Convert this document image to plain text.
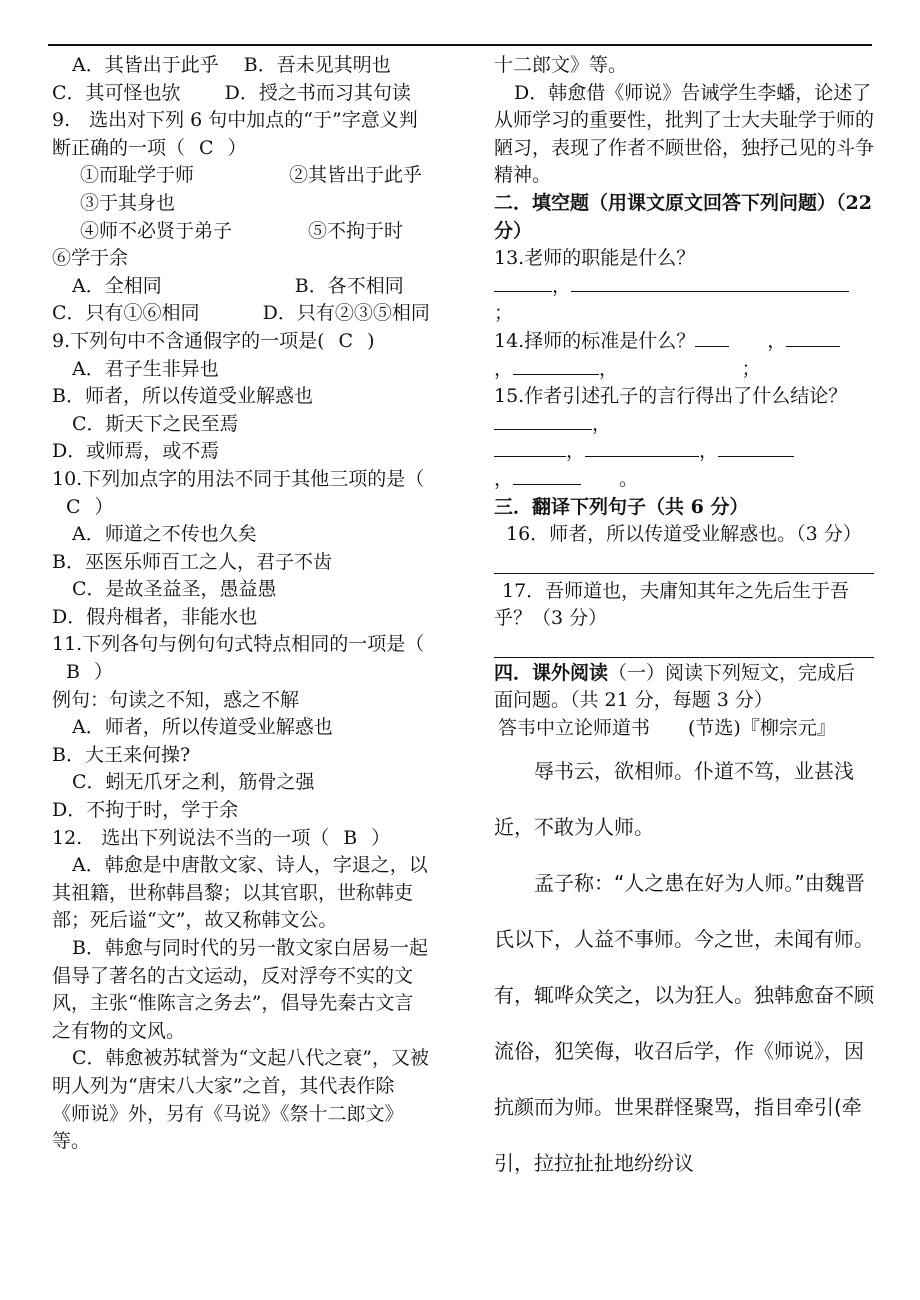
A．其皆出于此乎　 B．吾未见其明也
C．其可怪也欤　　 D．授之书而习其句读
9.　选出对下列 6 句中加点的“于”字意义判断正确的一项（ C ）
①而耻学于师　　　　　	②其皆出于此乎
③于其身也
④师不必贤于弟子　　　　	⑤不拘于时
⑥学于余
A．全相同　　　　　　　	B．各不相同
C．只有①⑥相同　　　	D．只有②③⑤相同
9.下列句中不含通假字的一项是( C )
A．君子生非异也
B．师者，所以传道受业解惑也
C．斯天下之民至焉
D．或师焉，或不焉
10.下列加点字的用法不同于其他三项的是（C ）
A．师道之不传也久矣
B．巫医乐师百工之人，君子不齿
C．是故圣益圣，愚益愚
D．假舟楫者，非能水也
11.下列各句与例句句式特点相同的一项是（B ）
例句：句读之不知，惑之不解
A．师者，所以传道受业解惑也
B．大王来何操?
C．蚓无爪牙之利，筋骨之强
D．不拘于时，学于余
12.　选出下列说法不当的一项（ B ）
A．韩愈是中唐散文家、诗人，字退之，以其祖籍，世称韩昌黎；以其官职，世称韩吏部；死后谥“文”，故又称韩文公。
B．韩愈与同时代的另一散文家白居易一起倡导了著名的古文运动，反对浮夸不实的文风，主张“惟陈言之务去”，倡导先秦古文言之有物的文风。
C．韩愈被苏轼誉为“文起八代之衰”，又被明人列为“唐宋八大家”之首，其代表作除《师说》外，另有《马说》《祭十二郎文》等。
十二郎文》等。
D．韩愈借《师说》告诫学生李蟠，论述了从师学习的重要性，批判了士大夫耻学于师的陋习，表现了作者不顾世俗，独抒己见的斗争精神。
二．填空题（用课文原文回答下列问题）（22 分）
13.老师的职能是什么？
，
；
14.择师的标准是什么？　　	，
，	，　　　　　　　	；
15.作者引述孔子的言行得出了什么结论？
，
，	，
，　　	。
三．翻译下列句子（共 6 分）
16．师者，所以传道受业解惑也。（3 分）
17．吾师道也，夫庸知其年之先后生于吾乎？（3 分）
四．课外阅读（一）阅读下列短文，完成后面问题。（共 21 分，每题 3 分）
答韦中立论师道书　　(节选)『柳宗元』
辱书云，欲相师。仆道不笃，业甚浅近，不敢为人师。
孟子称：“人之患在好为人师。”由魏晋氏以下，人益不事师。今之世，未闻有师。有，辄哗众笑之，以为狂人。独韩愈奋不顾流俗，犯笑侮，收召后学，作《师说》，因抗颜而为师。世果群怪聚骂，指目牵引(牵引，拉拉扯扯地纷纷议
